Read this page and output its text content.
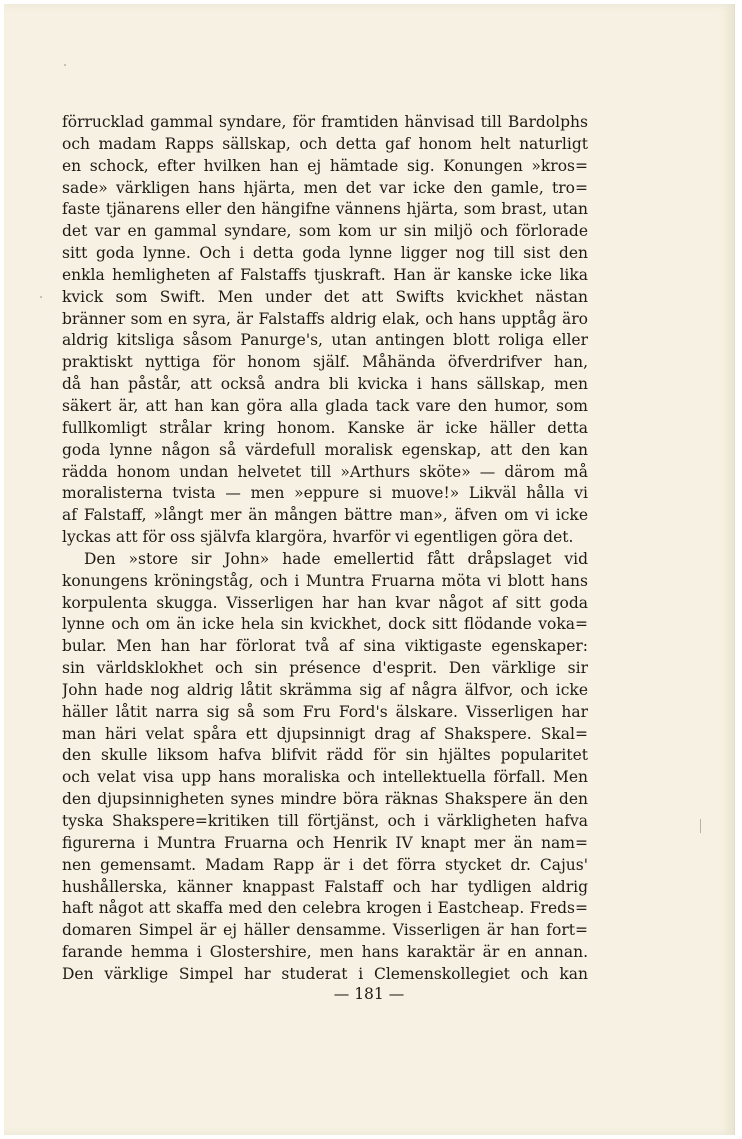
förrucklad gammal syndare, för framtiden hänvisad till Bardolphs
och madam Rapps sällskap, och detta gaf honom helt naturligt
en schock, efter hvilken han ej hämtade sig. Konungen »kros=
sade» värkligen hans hjärta, men det var icke den gamle, tro=
faste tjänarens eller den hängifne vännens hjärta, som brast, utan
det var en gammal syndare, som kom ur sin miljö och förlorade
sitt goda lynne. Och i detta goda lynne ligger nog till sist den
enkla hemligheten af Falstaffs tjuskraft. Han är kanske icke lika
kvick som Swift. Men under det att Swifts kvickhet nästan
bränner som en syra, är Falstaffs aldrig elak, och hans upptåg äro
aldrig kitsliga såsom Panurge's, utan antingen blott roliga eller
praktiskt nyttiga för honom själf. Måhända öfverdrifver han,
då han påstår, att också andra bli kvicka i hans sällskap, men
säkert är, att han kan göra alla glada tack vare den humor, som
fullkomligt strålar kring honom. Kanske är icke häller detta
goda lynne någon så värdefull moralisk egenskap, att den kan
rädda honom undan helvetet till »Arthurs sköte» — därom må
moralisterna tvista — men »eppure si muove!» Likväl hålla vi
af Falstaff, »långt mer än mången bättre man», äfven om vi icke
lyckas att för oss självfa klargöra, hvarför vi egentligen göra det.
Den »store sir John» hade emellertid fått dråpslaget vid
konungens kröningståg, och i Muntra Fruarna möta vi blott hans
korpulenta skugga. Visserligen har han kvar något af sitt goda
lynne och om än icke hela sin kvickhet, dock sitt flödande voka=
bular. Men han har förlorat två af sina viktigaste egenskaper:
sin världsklokhet och sin présence d'esprit. Den värklige sir
John hade nog aldrig låtit skrämma sig af några älfvor, och icke
häller låtit narra sig så som Fru Ford's älskare. Visserligen har
man häri velat spåra ett djupsinnigt drag af Shakspere. Skal=
den skulle liksom hafva blifvit rädd för sin hjältes popularitet
och velat visa upp hans moraliska och intellektuella förfall. Men
den djupsinnigheten synes mindre böra räknas Shakspere än den
tyska Shakspere=kritiken till förtjänst, och i värkligheten hafva
figurerna i Muntra Fruarna och Henrik IV knapt mer än nam=
nen gemensamt. Madam Rapp är i det förra stycket dr. Cajus'
hushållerska, känner knappast Falstaff och har tydligen aldrig
haft något att skaffa med den celebra krogen i Eastcheap. Freds=
domaren Simpel är ej häller densamme. Visserligen är han fort=
farande hemma i Glostershire, men hans karaktär är en annan.
Den värklige Simpel har studerat i Clemenskollegiet och kan
— 181 —
